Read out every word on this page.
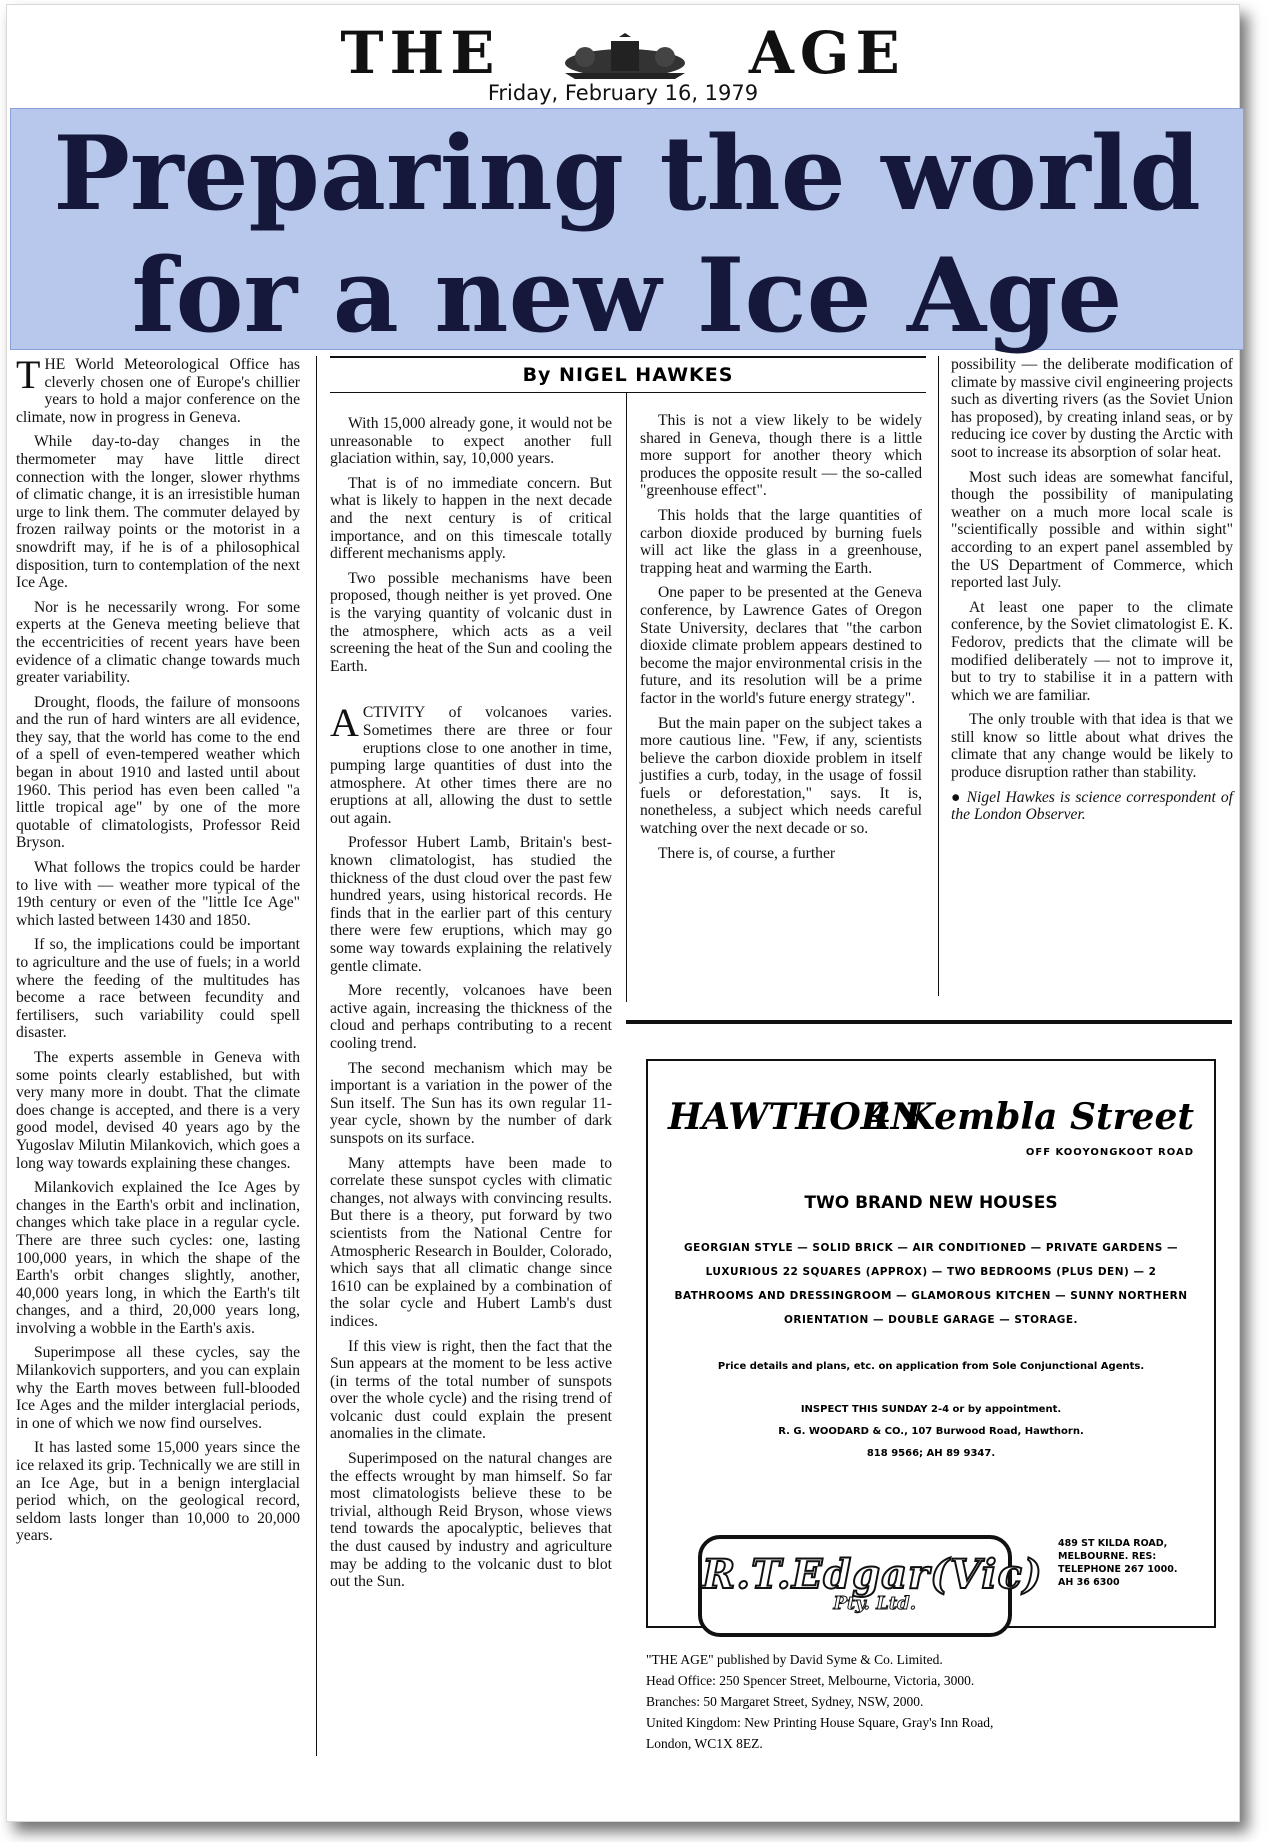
THE	AGE
Friday, February 16, 1979
Preparing the world
for a new Ice Age
By NIGEL HAWKES

THE World Meteorological Office has cleverly chosen one of Europe's chillier years to hold a major conference on the climate, now in progress in Geneva.

While day-to-day changes in the thermometer may have little direct connection with the longer, slower rhythms of climatic change, it is an irresistible human urge to link them. The commuter delayed by frozen railway points or the motorist in a snowdrift may, if he is of a philosophical disposition, turn to contemplation of the next Ice Age.

Nor is he necessarily wrong. For some experts at the Geneva meeting believe that the eccentricities of recent years have been evidence of a climatic change towards much greater variability.

Drought, floods, the failure of monsoons and the run of hard winters are all evidence, they say, that the world has come to the end of a spell of even-tempered weather which began in about 1910 and lasted until about 1960. This period has even been called "a little tropical age" by one of the more quotable of climatologists, Professor Reid Bryson.

What follows the tropics could be harder to live with — weather more typical of the 19th century or even of the "little Ice Age" which lasted between 1430 and 1850.

If so, the implications could be important to agriculture and the use of fuels; in a world where the feeding of the multitudes has become a race between fecundity and fertilisers, such variability could spell disaster.

The experts assemble in Geneva with some points clearly established, but with very many more in doubt. That the climate does change is accepted, and there is a very good model, devised 40 years ago by the Yugoslav Milutin Milankovich, which goes a long way towards explaining these changes.

Milankovich explained the Ice Ages by changes in the Earth's orbit and inclination, changes which take place in a regular cycle. There are three such cycles: one, lasting 100,000 years, in which the shape of the Earth's orbit changes slightly, another, 40,000 years long, in which the Earth's tilt changes, and a third, 20,000 years long, involving a wobble in the Earth's axis.

Superimpose all these cycles, say the Milankovich supporters, and you can explain why the Earth moves between full-blooded Ice Ages and the milder interglacial periods, in one of which we now find ourselves.

It has lasted some 15,000 years since the ice relaxed its grip. Technically we are still in an Ice Age, but in a benign interglacial period which, on the geological record, seldom lasts longer than 10,000 to 20,000 years.

With 15,000 already gone, it would not be unreasonable to expect another full glaciation within, say, 10,000 years.

That is of no immediate concern. But what is likely to happen in the next decade and the next century is of critical importance, and on this timescale totally different mechanisms apply.

Two possible mechanisms have been proposed, though neither is yet proved. One is the varying quantity of volcanic dust in the atmosphere, which acts as a veil screening the heat of the Sun and cooling the Earth.

ACTIVITY of volcanoes varies. Sometimes there are three or four eruptions close to one another in time, pumping large quantities of dust into the atmosphere. At other times there are no eruptions at all, allowing the dust to settle out again.

Professor Hubert Lamb, Britain's best-known climatologist, has studied the thickness of the dust cloud over the past few hundred years, using historical records. He finds that in the earlier part of this century there were few eruptions, which may go some way towards explaining the relatively gentle climate.

More recently, volcanoes have been active again, increasing the thickness of the cloud and perhaps contributing to a recent cooling trend.

The second mechanism which may be important is a variation in the power of the Sun itself. The Sun has its own regular 11-year cycle, shown by the number of dark sunspots on its surface.

Many attempts have been made to correlate these sunspot cycles with climatic changes, not always with convincing results. But there is a theory, put forward by two scientists from the National Centre for Atmospheric Research in Boulder, Colorado, which says that all climatic change since 1610 can be explained by a combination of the solar cycle and Hubert Lamb's dust indices.

If this view is right, then the fact that the Sun appears at the moment to be less active (in terms of the total number of sunspots over the whole cycle) and the rising trend of volcanic dust could explain the present anomalies in the climate.

Superimposed on the natural changes are the effects wrought by man himself. So far most climatologists believe these to be trivial, although Reid Bryson, whose views tend towards the apocalyptic, believes that the dust caused by industry and agriculture may be adding to the volcanic dust to blot out the Sun.

This is not a view likely to be widely shared in Geneva, though there is a little more support for another theory which produces the opposite result — the so-called "greenhouse effect".

This holds that the large quantities of carbon dioxide produced by burning fuels will act like the glass in a greenhouse, trapping heat and warming the Earth.

One paper to be presented at the Geneva conference, by Lawrence Gates of Oregon State University, declares that "the carbon dioxide climate problem appears destined to become the major environmental crisis in the future, and its resolution will be a prime factor in the world's future energy strategy".

But the main paper on the subject takes a more cautious line. "Few, if any, scientists believe the carbon dioxide problem in itself justifies a curb, today, in the usage of fossil fuels or deforestation," says. It is, nonetheless, a subject which needs careful watching over the next decade or so.

There is, of course, a further

possibility — the deliberate modification of climate by massive civil engineering projects such as diverting rivers (as the Soviet Union has proposed), by creating inland seas, or by reducing ice cover by dusting the Arctic with soot to increase its absorption of solar heat.

Most such ideas are somewhat fanciful, though the possibility of manipulating weather on a much more local scale is "scientifically possible and within sight" according to an expert panel assembled by the US Department of Commerce, which reported last July.

At least one paper to the climate conference, by the Soviet climatologist E. K. Fedorov, predicts that the climate will be modified deliberately — not to improve it, but to try to stabilise it in a pattern with which we are familiar.

The only trouble with that idea is that we still know so little about what drives the climate that any change would be likely to produce disruption rather than stability.

● Nigel Hawkes is science correspondent of the London Observer.

HAWTHORN
4 Kembla Street
OFF KOOYONGKOOT ROAD
TWO BRAND NEW HOUSES
GEORGIAN STYLE — SOLID BRICK — AIR CONDITIONED — PRIVATE GARDENS — LUXURIOUS 22 SQUARES (APPROX) — TWO BEDROOMS (PLUS DEN) — 2 BATHROOMS AND DRESSINGROOM — GLAMOROUS KITCHEN — SUNNY NORTHERN ORIENTATION — DOUBLE GARAGE — STORAGE.
Price details and plans, etc. on application from Sole Conjunctional Agents.
INSPECT THIS SUNDAY 2-4 or by appointment.
R. G. WOODARD & CO., 107 Burwood Road, Hawthorn.
818 9566; AH 89 9347.
R.T.Edgar(Vic)
Pty. Ltd.
489 ST KILDA ROAD,
MELBOURNE. RES:
TELEPHONE 267 1000.
AH 36 6300
"THE AGE" published by David Syme & Co. Limited.
Head Office: 250 Spencer Street, Melbourne, Victoria, 3000.
Branches: 50 Margaret Street, Sydney, NSW, 2000.
United Kingdom: New Printing House Square, Gray's Inn Road,
London, WC1X 8EZ.
